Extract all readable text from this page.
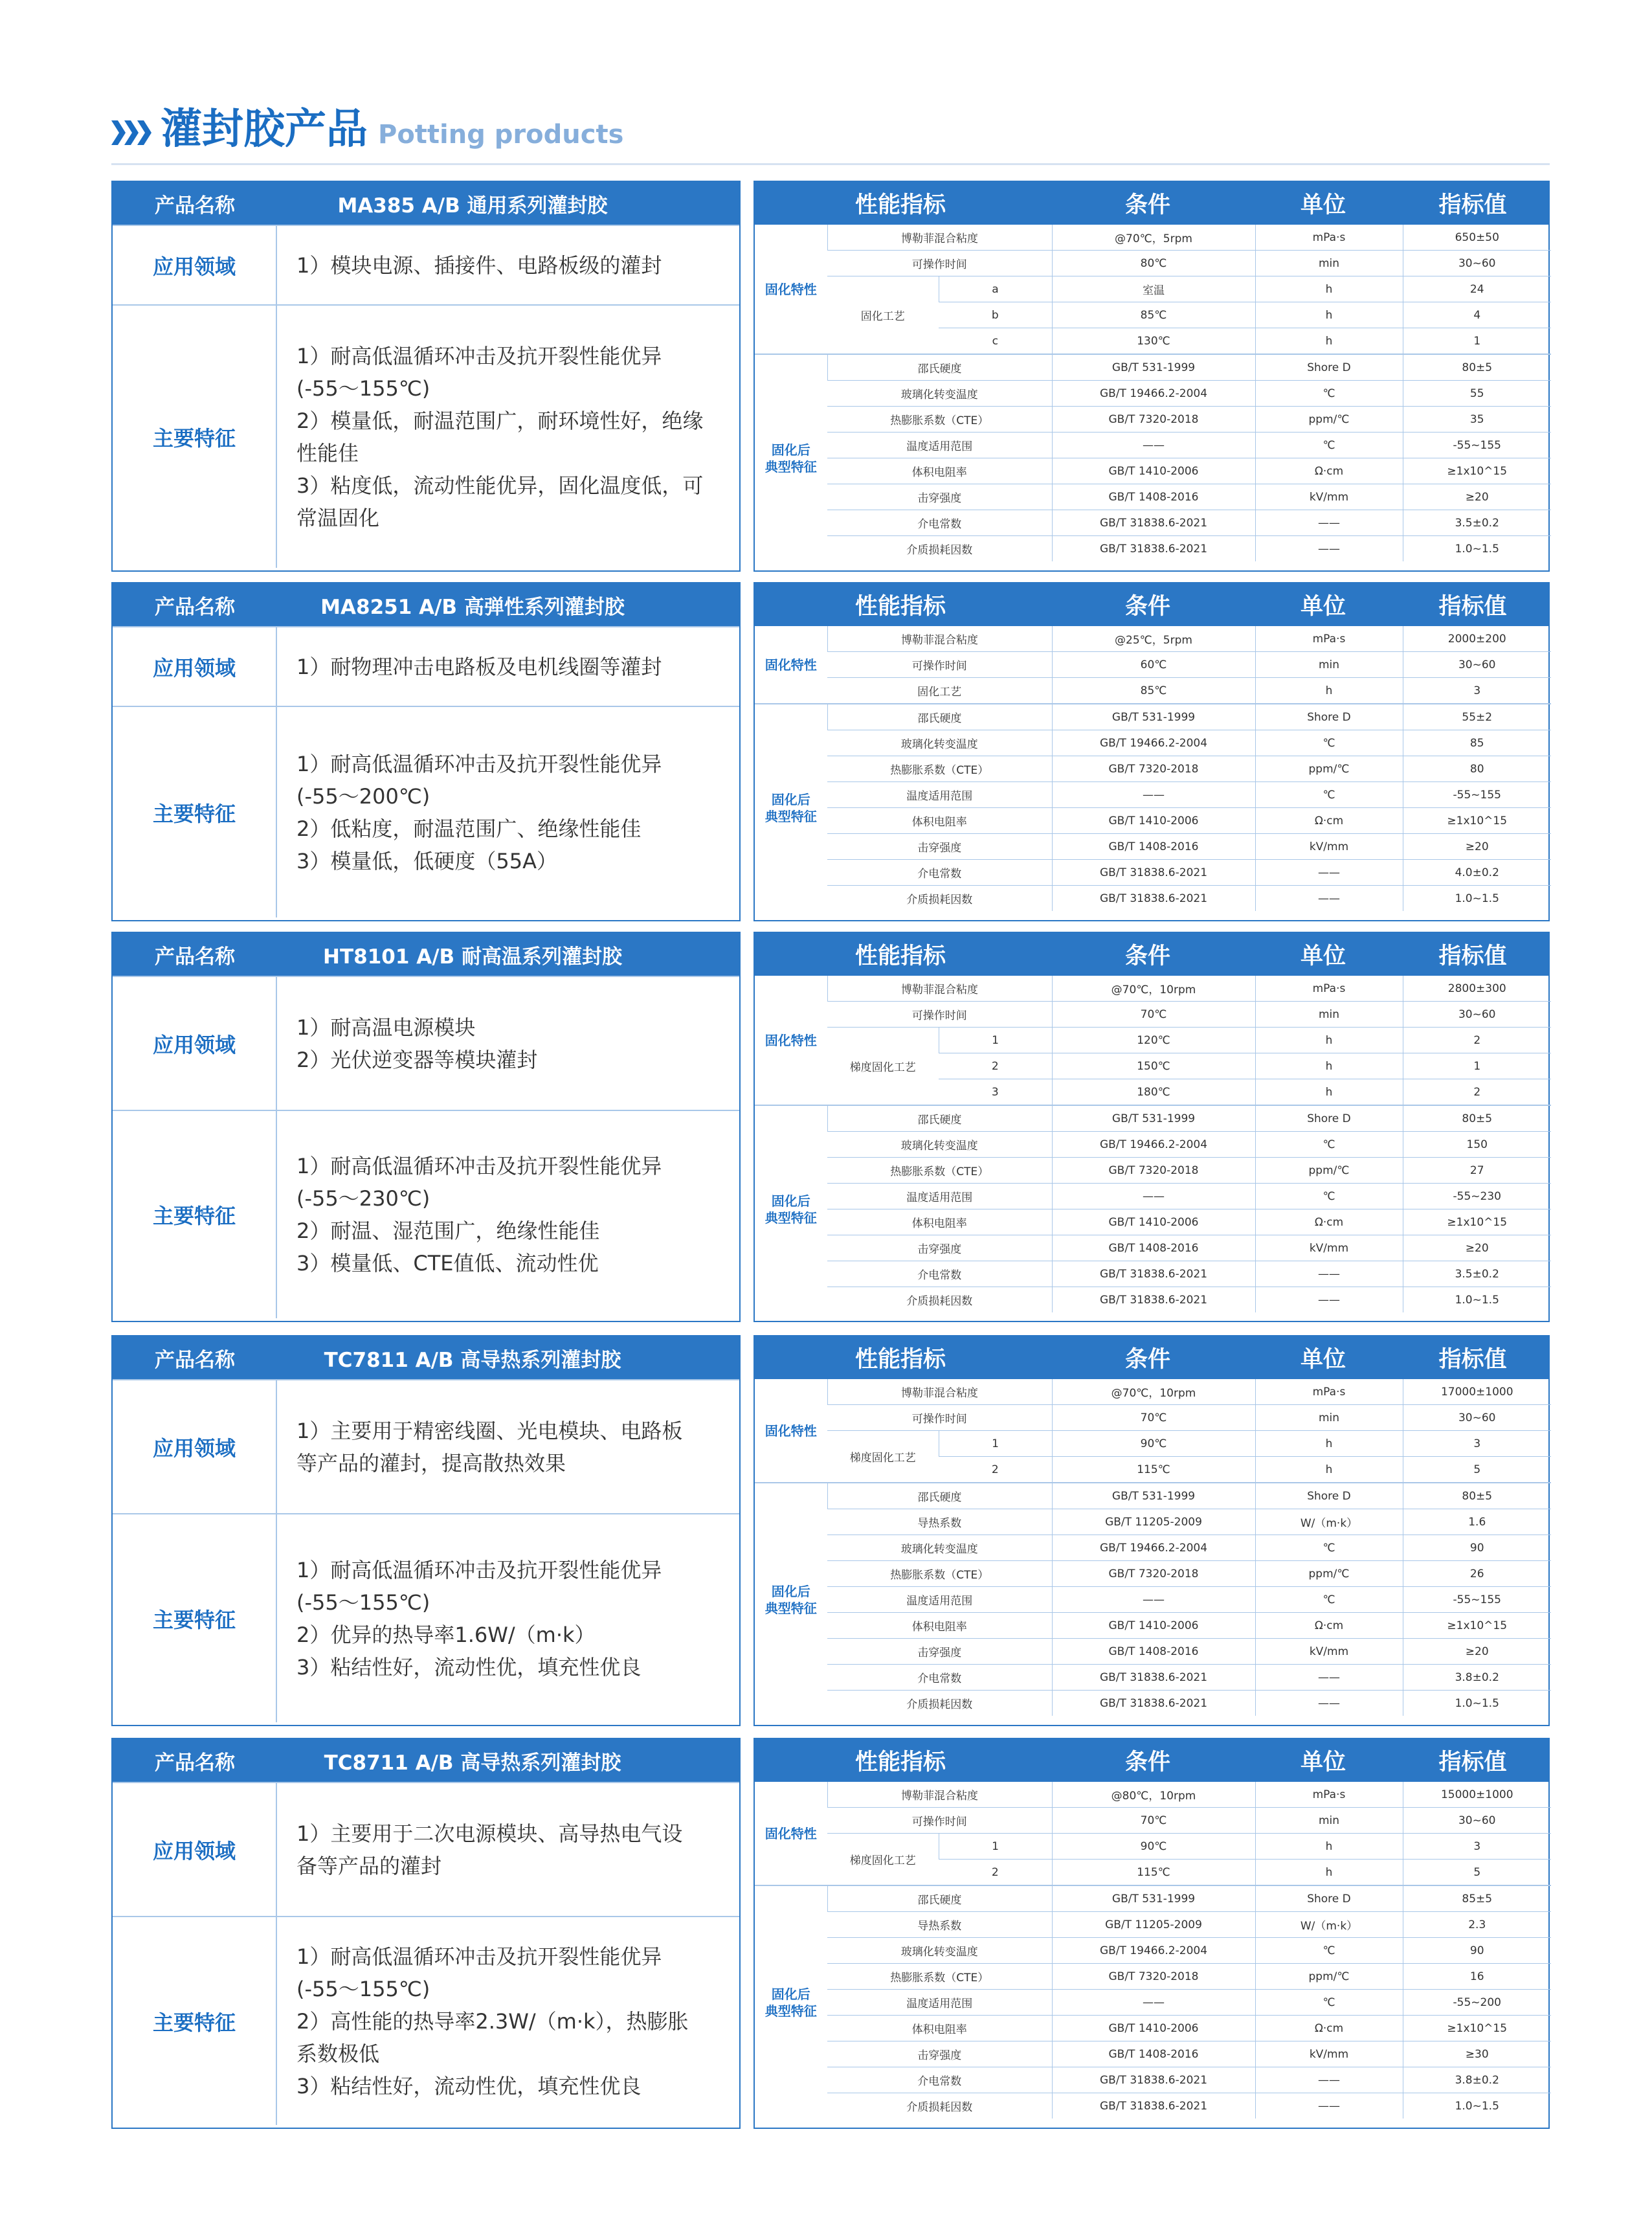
灌封胶产品 Potting products
产品名称	MA385 A/B 通用系列灌封胶
应用领域	1）模块电源、插接件、电路板级的灌封
主要特征
1）耐高低温循环冲击及抗开裂性能优异
(-55～155℃)
2）模量低，耐温范围广，耐环境性好，绝缘
性能佳
3）粘度低，流动性能优异，固化温度低，可
常温固化
性能指标	条件	单位	指标值
固化特性	博勒菲混合粘度		@70℃，5rpm	mPa·s	650±50
	可操作时间		80℃	min	30~60
	固化工艺	a	室温	h	24
		b	85℃	h	4
		c	130℃	h	1
固化后
典型特征	邵氏硬度		GB/T 531-1999	Shore D	80±5
	玻璃化转变温度		GB/T 19466.2-2004	℃	55
	热膨胀系数（CTE）		GB/T 7320-2018	ppm/℃	35
	温度适用范围		——	℃	-55~155
	体积电阻率		GB/T 1410-2006	Ω·cm	≥1x10^15
	击穿强度		GB/T 1408-2016	kV/mm	≥20
	介电常数		GB/T 31838.6-2021	——	3.5±0.2
	介质损耗因数		GB/T 31838.6-2021	——	1.0~1.5
产品名称	MA8251 A/B 高弹性系列灌封胶
应用领域	1）耐物理冲击电路板及电机线圈等灌封
主要特征
1）耐高低温循环冲击及抗开裂性能优异
(-55～200℃)
2）低粘度，耐温范围广、绝缘性能佳
3）模量低，低硬度（55A）
性能指标	条件	单位	指标值
固化特性	博勒菲混合粘度	@25℃，5rpm	mPa·s	2000±200
	可操作时间	60℃	min	30~60
	固化工艺	85℃	h	3
固化后
典型特征	邵氏硬度	GB/T 531-1999	Shore D	55±2
	玻璃化转变温度	GB/T 19466.2-2004	℃	85
	热膨胀系数（CTE）	GB/T 7320-2018	ppm/℃	80
	温度适用范围	——	℃	-55~155
	体积电阻率	GB/T 1410-2006	Ω·cm	≥1x10^15
	击穿强度	GB/T 1408-2016	kV/mm	≥20
	介电常数	GB/T 31838.6-2021	——	4.0±0.2
	介质损耗因数	GB/T 31838.6-2021	——	1.0~1.5
产品名称	HT8101 A/B 耐高温系列灌封胶
应用领域
1）耐高温电源模块
2）光伏逆变器等模块灌封
主要特征
1）耐高低温循环冲击及抗开裂性能优异
(-55～230℃)
2）耐温、湿范围广，绝缘性能佳
3）模量低、CTE值低、流动性优
性能指标	条件	单位	指标值
固化特性	博勒菲混合粘度		@70℃，10rpm	mPa·s	2800±300
	可操作时间		70℃	min	30~60
	梯度固化工艺	1	120℃	h	2
		2	150℃	h	1
		3	180℃	h	2
固化后
典型特征	邵氏硬度		GB/T 531-1999	Shore D	80±5
	玻璃化转变温度		GB/T 19466.2-2004	℃	150
	热膨胀系数（CTE）		GB/T 7320-2018	ppm/℃	27
	温度适用范围		——	℃	-55~230
	体积电阻率		GB/T 1410-2006	Ω·cm	≥1x10^15
	击穿强度		GB/T 1408-2016	kV/mm	≥20
	介电常数		GB/T 31838.6-2021	——	3.5±0.2
	介质损耗因数		GB/T 31838.6-2021	——	1.0~1.5
产品名称	TC7811 A/B 高导热系列灌封胶
应用领域
1）主要用于精密线圈、光电模块、电路板
等产品的灌封，提高散热效果
主要特征
1）耐高低温循环冲击及抗开裂性能优异
(-55～155℃)
2）优异的热导率1.6W/（m·k）
3）粘结性好，流动性优，填充性优良
性能指标	条件	单位	指标值
固化特性	博勒菲混合粘度		@70℃，10rpm	mPa·s	17000±1000
	可操作时间		70℃	min	30~60
	梯度固化工艺	1	90℃	h	3
		2	115℃	h	5
固化后
典型特征	邵氏硬度		GB/T 531-1999	Shore D	80±5
	导热系数		GB/T 11205-2009	W/（m·k）	1.6
	玻璃化转变温度		GB/T 19466.2-2004	℃	90
	热膨胀系数（CTE）		GB/T 7320-2018	ppm/℃	26
	温度适用范围		——	℃	-55~155
	体积电阻率		GB/T 1410-2006	Ω·cm	≥1x10^15
	击穿强度		GB/T 1408-2016	kV/mm	≥20
	介电常数		GB/T 31838.6-2021	——	3.8±0.2
	介质损耗因数		GB/T 31838.6-2021	——	1.0~1.5
产品名称	TC8711 A/B 高导热系列灌封胶
应用领域
1）主要用于二次电源模块、高导热电气设
备等产品的灌封
主要特征
1）耐高低温循环冲击及抗开裂性能优异
(-55～155℃)
2）高性能的热导率2.3W/（m·k），热膨胀
系数极低
3）粘结性好，流动性优，填充性优良
性能指标	条件	单位	指标值
固化特性	博勒菲混合粘度		@80℃，10rpm	mPa·s	15000±1000
	可操作时间		70℃	min	30~60
	梯度固化工艺	1	90℃	h	3
		2	115℃	h	5
固化后
典型特征	邵氏硬度		GB/T 531-1999	Shore D	85±5
	导热系数		GB/T 11205-2009	W/（m·k）	2.3
	玻璃化转变温度		GB/T 19466.2-2004	℃	90
	热膨胀系数（CTE）		GB/T 7320-2018	ppm/℃	16
	温度适用范围		——	℃	-55~200
	体积电阻率		GB/T 1410-2006	Ω·cm	≥1x10^15
	击穿强度		GB/T 1408-2016	kV/mm	≥30
	介电常数		GB/T 31838.6-2021	——	3.8±0.2
	介质损耗因数		GB/T 31838.6-2021	——	1.0~1.5
